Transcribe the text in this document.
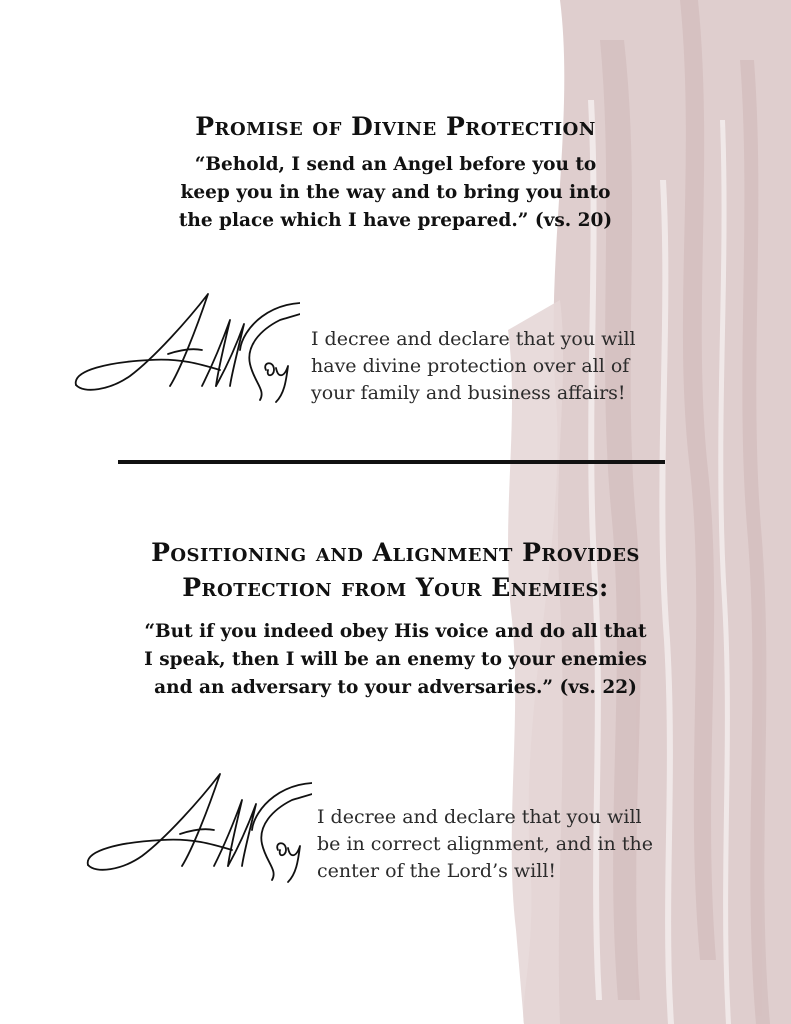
Promise of Divine Protection
“Behold, I send an Angel before you to
keep you in the way and to bring you into
the place which I have prepared.” (vs. 20)
I decree and declare that you will
have divine protection over all of
your family and business affairs!
Positioning and Alignment Provides
Protection from Your Enemies:
“But if you indeed obey His voice and do all that
I speak, then I will be an enemy to your enemies
and an adversary to your adversaries.” (vs. 22)
I decree and declare that you will
be in correct alignment, and in the
center of the Lord’s will!
